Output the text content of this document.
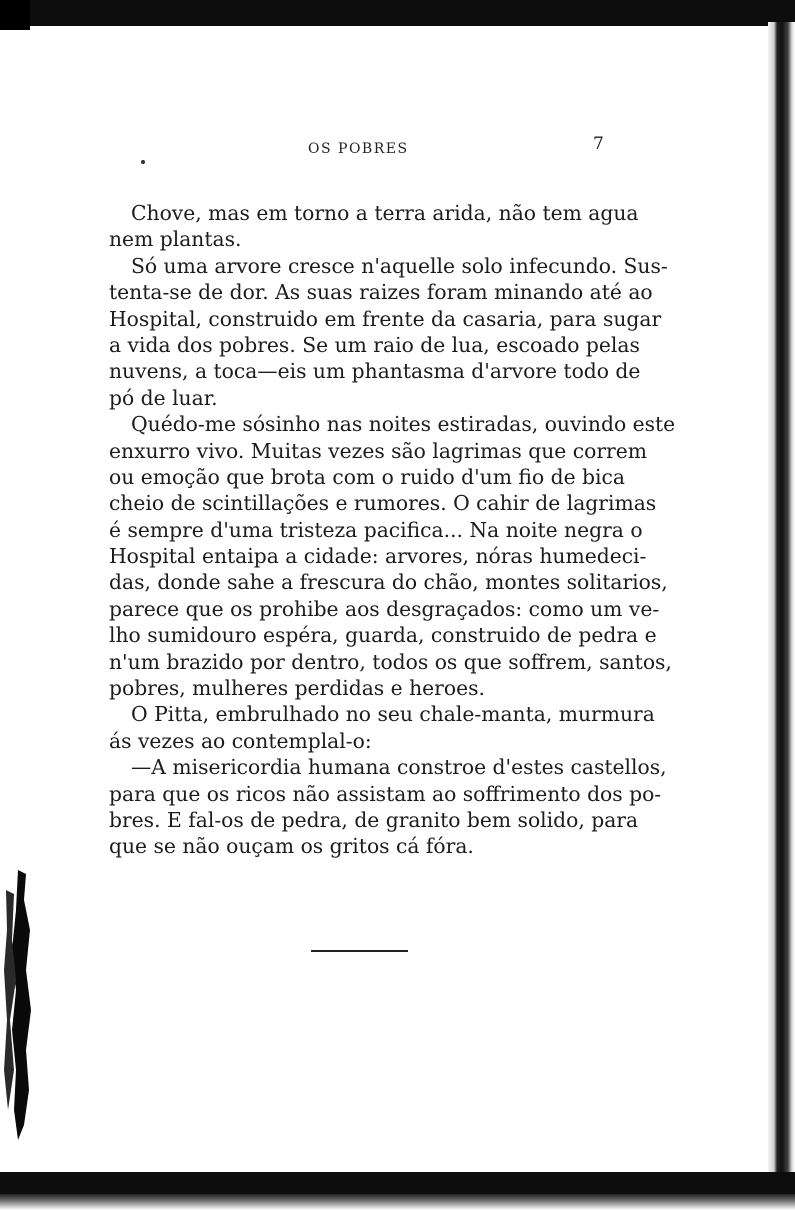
OS POBRES	7
Chove, mas em torno a terra arida, não tem agua
nem plantas.
Só uma arvore cresce n'aquelle solo infecundo. Sus-
tenta-se de dor. As suas raizes foram minando até ao
Hospital, construido em frente da casaria, para sugar
a vida dos pobres. Se um raio de lua, escoado pelas
nuvens, a toca—eis um phantasma d'arvore todo de
pó de luar.
Quédo-me sósinho nas noites estiradas, ouvindo este
enxurro vivo. Muitas vezes são lagrimas que correm
ou emoção que brota com o ruido d'um fio de bica
cheio de scintillações e rumores. O cahir de lagrimas
é sempre d'uma tristeza pacifica... Na noite negra o
Hospital entaipa a cidade: arvores, nóras humedeci-
das, donde sahe a frescura do chão, montes solitarios,
parece que os prohibe aos desgraçados: como um ve-
lho sumidouro espéra, guarda, construido de pedra e
n'um brazido por dentro, todos os que soffrem, santos,
pobres, mulheres perdidas e heroes.
O Pitta, embrulhado no seu chale-manta, murmura
ás vezes ao contemplal-o:
—A misericordia humana constroe d'estes castellos,
para que os ricos não assistam ao soffrimento dos po-
bres. E fal-os de pedra, de granito bem solido, para
que se não ouçam os gritos cá fóra.
